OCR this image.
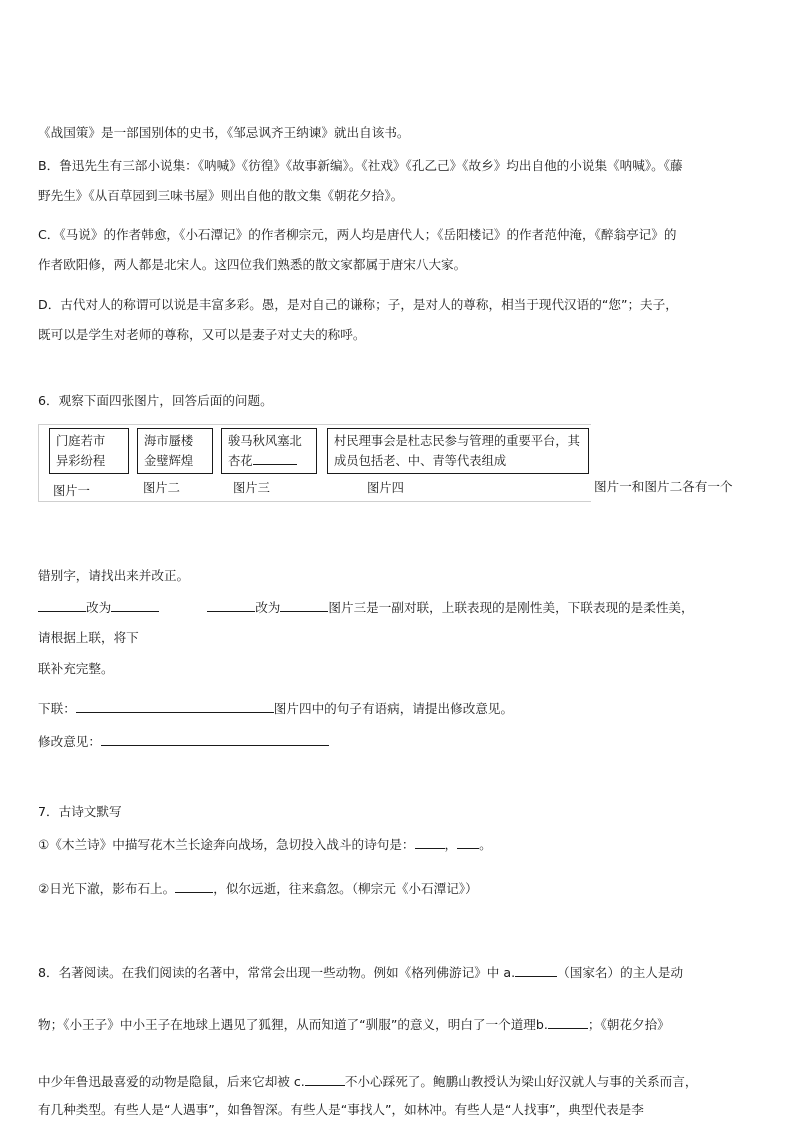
《战国策》是一部国别体的史书，《邹忌讽齐王纳谏》就出自该书。
B．鲁迅先生有三部小说集：《呐喊》《彷徨》《故事新编》。《社戏》《孔乙己》《故乡》均出自他的小说集《呐喊》。《藤
野先生》《从百草园到三味书屋》则出自他的散文集《朝花夕拾》。
C．《马说》的作者韩愈，《小石潭记》的作者柳宗元，两人均是唐代人；《岳阳楼记》的作者范仲淹，《醉翁亭记》的
作者欧阳修，两人都是北宋人。这四位我们熟悉的散文家都属于唐宋八大家。
D．古代对人的称谓可以说是丰富多彩。愚，是对自己的谦称；子，是对人的尊称，相当于现代汉语的“您”；夫子，
既可以是学生对老师的尊称，又可以是妻子对丈夫的称呼。
6．观察下面四张图片，回答后面的问题。
门庭若市
异彩纷程
海市蜃楼
金璧辉煌
骏马秋风塞北
杏花
村民理事会是杜志民参与管理的重要平台，其
成员包括老、中、青等代表组成
图片一	图片二	图片三	图片四	图片一和图片二各有一个
错别字，请找出来并改正。
改为	改为	图片三是一副对联，上联表现的是刚性美，下联表现的是柔性美，
请根据上联，将下
联补充完整。
下联：	图片四中的句子有语病，请提出修改意见。
修改意见：
7．古诗文默写
①《木兰诗》中描写花木兰长途奔向战场，急切投入战斗的诗句是： ， 。
②日光下澈，影布石上。	，似尔远逝，往来翕忽。（柳宗元《小石潭记》）
8．名著阅读。在我们阅读的名著中，常常会出现一些动物。例如《格列佛游记》中 a.	（国家名）的主人是动
物；《小王子》中小王子在地球上遇见了狐狸，从而知道了“驯服”的意义，明白了一个道理b.	；《朝花夕拾》
中少年鲁迅最喜爱的动物是隐鼠，后来它却被 c.	不小心踩死了。鲍鹏山教授认为梁山好汉就人与事的关系而言，
有几种类型。有些人是“人遇事”，如鲁智深。有些人是“事找人”，如林冲。有些人是“人找事”，典型代表是李
